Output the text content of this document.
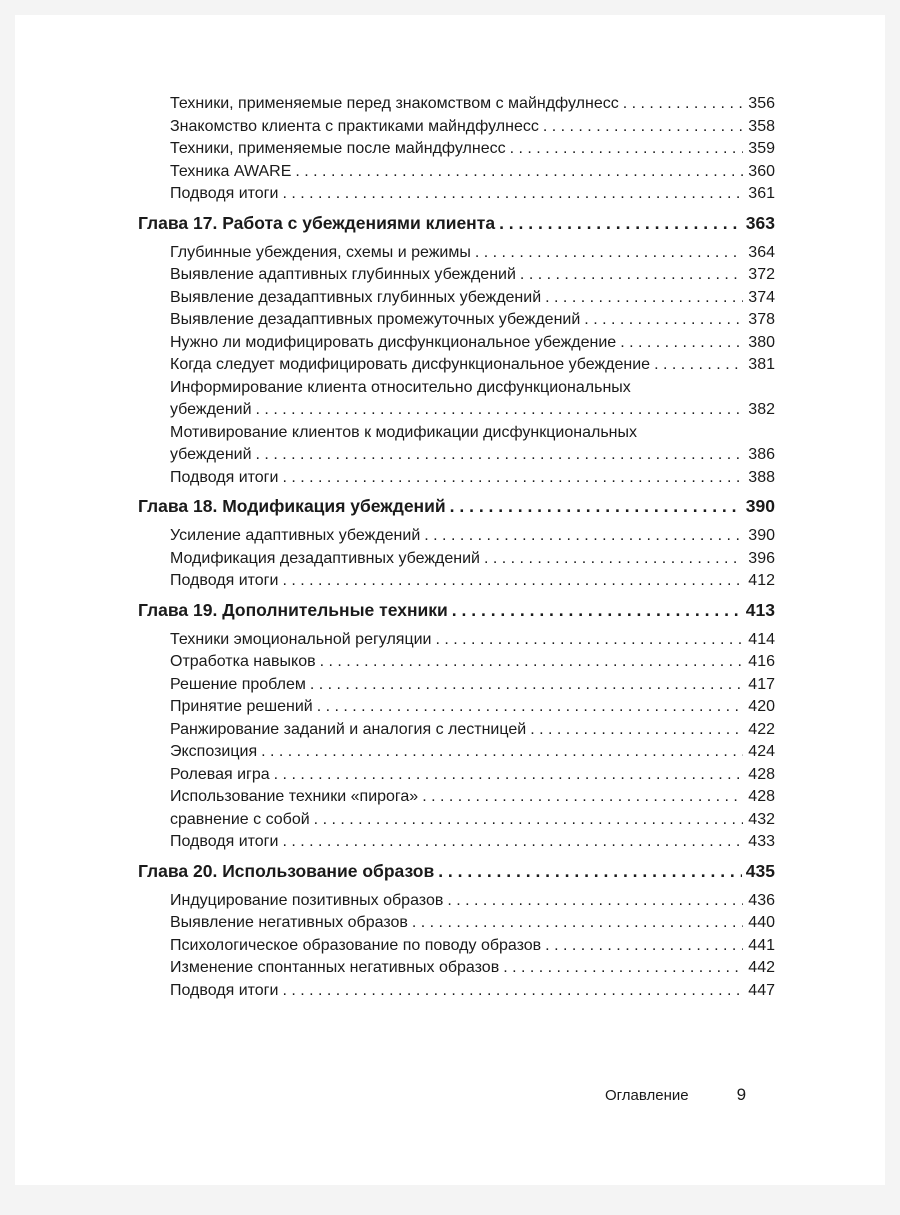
Техники, применяемые перед знакомством с майндфулнесс . . .	356
Знакомство клиента с практиками майндфулнесс . . .	358
Техники, применяемые после майндфулнесс . . .	359
Техника AWARE . . .	360
Подводя итоги . . .	361
Глава 17. Работа с убеждениями клиента . . .	363
Глубинные убеждения, схемы и режимы . . .	364
Выявление адаптивных глубинных убеждений . . .	372
Выявление дезадаптивных глубинных убеждений . . .	374
Выявление дезадаптивных промежуточных убеждений . . .	378
Нужно ли модифицировать дисфункциональное убеждение . . .	380
Когда следует модифицировать дисфункциональное убеждение . . .	381
Информирование клиента относительно дисфункциональных
убеждений . . .	382
Мотивирование клиентов к модификации дисфункциональных
убеждений . . .	386
Подводя итоги . . .	388
Глава 18. Модификация убеждений . . .	390
Усиление адаптивных убеждений . . .	390
Модификация дезадаптивных убеждений . . .	396
Подводя итоги . . .	412
Глава 19. Дополнительные техники . . .	413
Техники эмоциональной регуляции . . .	414
Отработка навыков . . .	416
Решение проблем . . .	417
Принятие решений . . .	420
Ранжирование заданий и аналогия с лестницей . . .	422
Экспозиция . . .	424
Ролевая игра . . .	428
Использование техники «пирога» . . .	428
сравнение с собой . . .	432
Подводя итоги . . .	433
Глава 20. Использование образов . . .	435
Индуцирование позитивных образов . . .	436
Выявление негативных образов . . .	440
Психологическое образование по поводу образов . . .	441
Изменение спонтанных негативных образов . . .	442
Подводя итоги . . .	447
Оглавление	9
